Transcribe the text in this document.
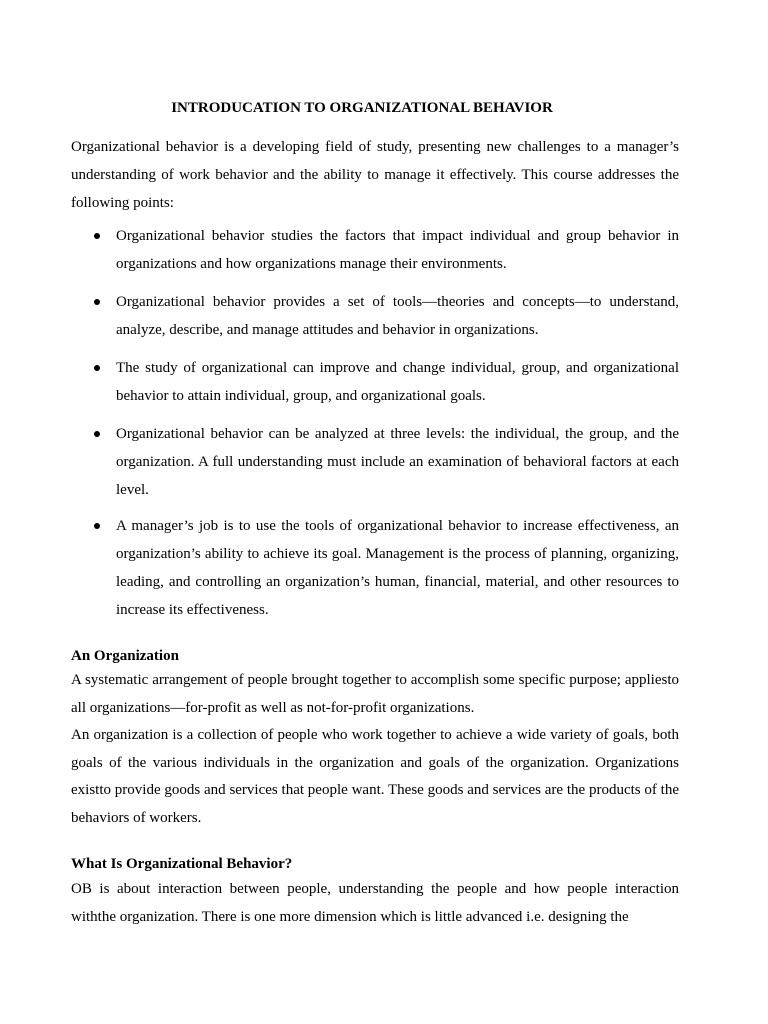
INTRODUCATION TO ORGANIZATIONAL BEHAVIOR

Organizational behavior is a developing field of study, presenting new challenges to a manager’s understanding of work behavior and the ability to manage it effectively. This course addresses the following points:

Organizational behavior studies the factors that impact individual and group behavior in organizations and how organizations manage their environments.
Organizational behavior provides a set of tools—theories and concepts—to understand, analyze, describe, and manage attitudes and behavior in organizations.
The study of organizational can improve and change individual, group, and organizational behavior to attain individual, group, and organizational goals.
Organizational behavior can be analyzed at three levels: the individual, the group, and the organization. A full understanding must include an examination of behavioral factors at each level.
A manager’s job is to use the tools of organizational behavior to increase effectiveness, an organization’s ability to achieve its goal. Management is the process of planning, organizing, leading, and controlling an organization’s human, financial, material, and other resources to increase its effectiveness.
An Organization

A systematic arrangement of people brought together to accomplish some specific purpose; appliesto all organizations—for-profit as well as not-for-profit organizations.

An organization is a collection of people who work together to achieve a wide variety of goals, both goals of the various individuals in the organization and goals of the organization. Organizations existto provide goods and services that people want. These goods and services are the products of the behaviors of workers.

What Is Organizational Behavior?

OB is about interaction between people, understanding the people and how people interaction withthe organization. There is one more dimension which is little advanced i.e. designing the
